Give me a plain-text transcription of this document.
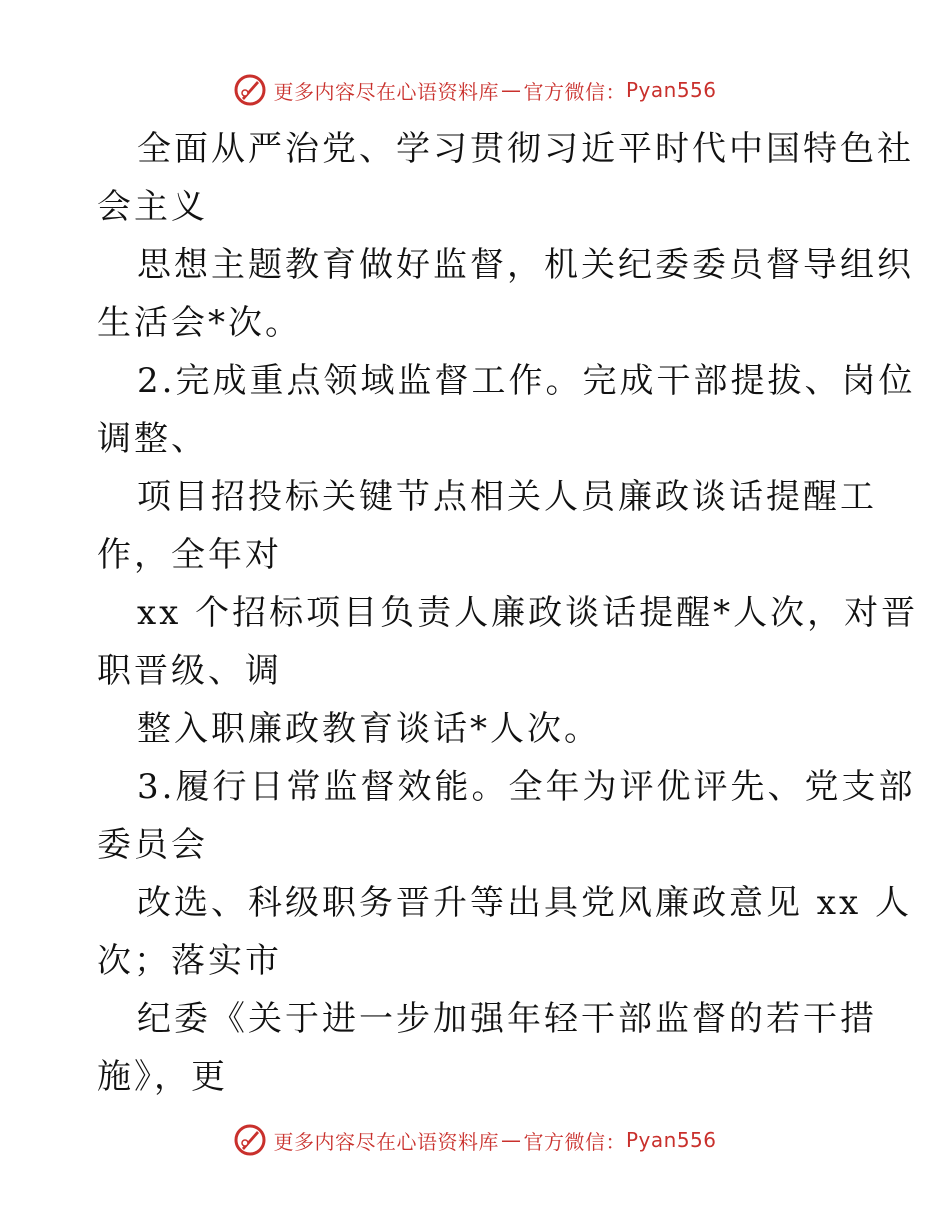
更多内容尽在心语资料库 — 官方微信： Pyan556
全面从严治党、学习贯彻习近平时代中国特色社
会主义
思想主题教育做好监督，机关纪委委员督导组织
生活会*次。
2.完成重点领域监督工作。完成干部提拔、岗位
调整、
项目招投标关键节点相关人员廉政谈话提醒工
作，全年对
xx 个招标项目负责人廉政谈话提醒*人次，对晋
职晋级、调
整入职廉政教育谈话*人次。
3.履行日常监督效能。全年为评优评先、党支部
委员会
改选、科级职务晋升等出具党风廉政意见 xx 人
次；落实市
纪委《关于进一步加强年轻干部监督的若干措
施》，更
更多内容尽在心语资料库 — 官方微信： Pyan556
